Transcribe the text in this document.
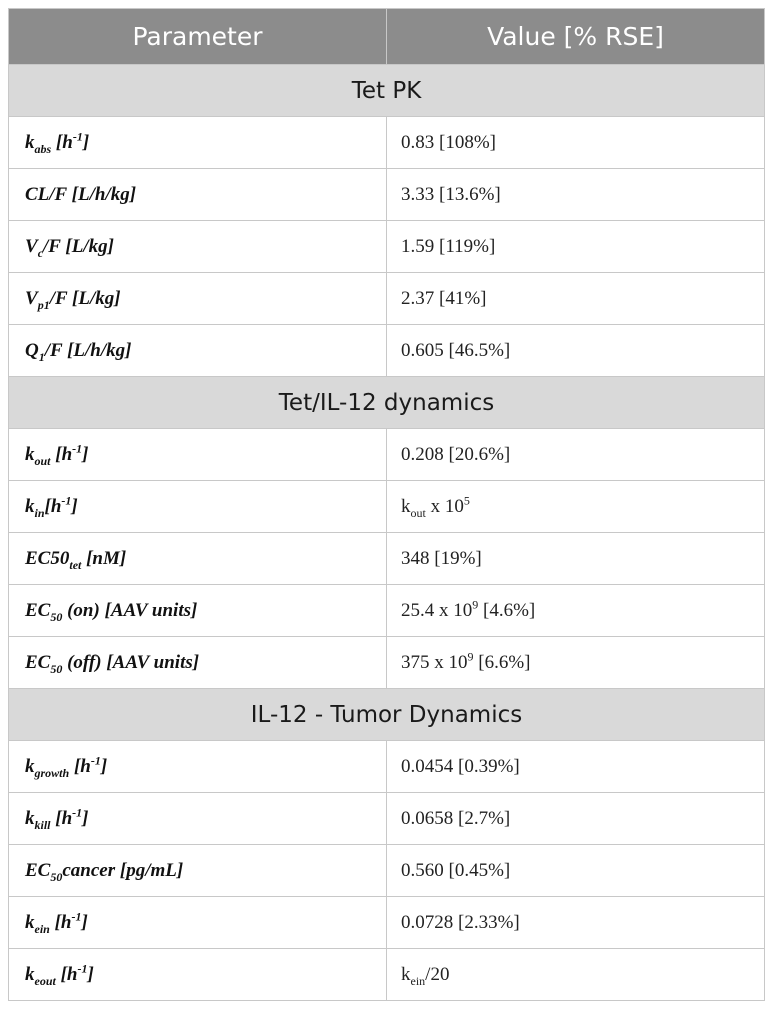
Parameter	Value [% RSE]
Tet PK	
$k_{abs}$ $[h^{-1}]$	0.83 [108%]
CL/F [L/h/kg]	3.33 [13.6%]
$V_c/F$ [L/kg]	1.59 [119%]
$V_{p1}/F$ [L/kg]	2.37 [41%]
$Q_1/F$ [L/h/kg]	0.605 [46.5%]
Tet/IL-12 dynamics	
$k_{out}$ $[h^{-1}]$	0.208 [20.6%]
$k_{in}[h^{-1}]$	$k_{out}$ x $10^5$
$EC50_{tet}$ [nM]	348 [19%]
$EC_{50}$ (on) [AAV units]	25.4 x $10^9$ [4.6%]
$EC_{50}$ (off) [AAV units]	375 x $10^9$ [6.6%]
IL-12 - Tumor Dynamics	
$k_{growth}$ $[h^{-1}]$	0.0454 [0.39%]
$k_{kill}$ $[h^{-1}]$	0.0658 [2.7%]
$EC_{50}cancer$ [pg/mL]	0.560 [0.45%]
$k_{ein}$ $[h^{-1}]$	0.0728 [2.33%]
$k_{eout}$ $[h^{-1}]$	$k_{ein}/20$
